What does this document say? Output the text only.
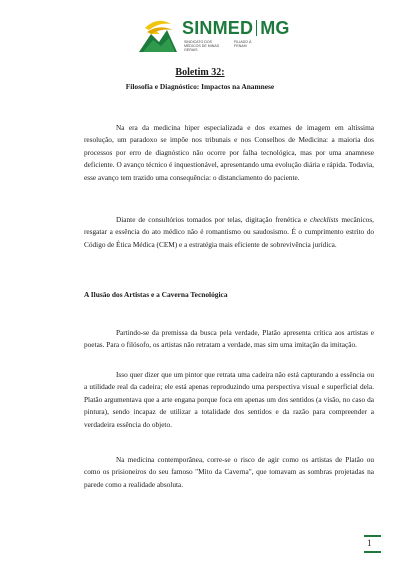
SINMED MG
SINDICATO DOS MÉDICOS DE MINAS GERAIS
FILIADO À FENAM
Boletim 32:
Filosofia e Diagnóstico: Impactos na Anamnese

Na era da medicina hiper especializada e dos exames de imagem em altíssima resolução, um paradoxo se impõe nos tribunais e nos Conselhos de Medicina: a maioria dos processos por erro de diagnóstico não ocorre por falha tecnológica, mas por uma anamnese deficiente. O avanço técnico é inquestionável, apresentando uma evolução diária e rápida. Todavia, esse avanço tem trazido uma consequência: o distanciamento do paciente.

Diante de consultórios tomados por telas, digitação frenética e checklists mecânicos, resgatar a essência do ato médico não é romantismo ou saudosismo. É o cumprimento estrito do Código de Ética Médica (CEM) e a estratégia mais eficiente de sobrevivência jurídica.

A Ilusão dos Artistas e a Caverna Tecnológica

Partindo-se da premissa da busca pela verdade, Platão apresenta crítica aos artistas e poetas. Para o filósofo, os artistas não retratam a verdade, mas sim uma imitação da imitação.

Isso quer dizer que um pintor que retrata uma cadeira não está capturando a essência ou a utilidade real da cadeira; ele está apenas reproduzindo uma perspectiva visual e superficial dela. Platão argumentava que a arte engana porque foca em apenas um dos sentidos (a visão, no caso da pintura), sendo incapaz de utilizar a totalidade dos sentidos e da razão para compreender a verdadeira essência do objeto.

Na medicina contemporânea, corre-se o risco de agir como os artistas de Platão ou como os prisioneiros do seu famoso "Mito da Caverna", que tomavam as sombras projetadas na parede como a realidade absoluta.

1
